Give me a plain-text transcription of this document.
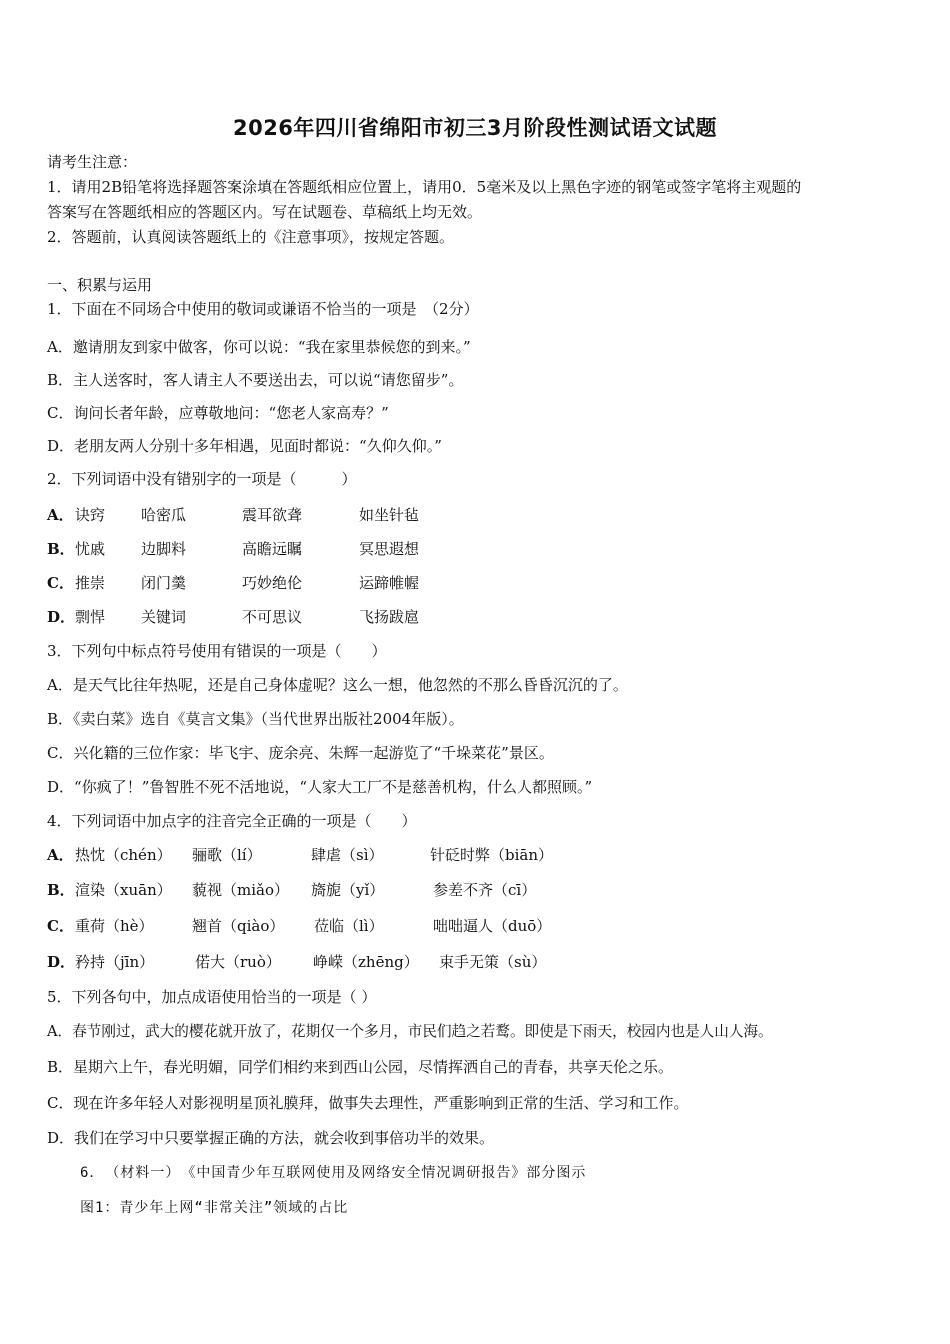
2026年四川省绵阳市初三3月阶段性测试语文试题
请考生注意：
1．请用2B铅笔将选择题答案涂填在答题纸相应位置上，请用0．5毫米及以上黑色字迹的钢笔或签字笔将主观题的
答案写在答题纸相应的答题区内。写在试题卷、草稿纸上均无效。
2．答题前，认真阅读答题纸上的《注意事项》，按规定答题。
一、积累与运用
1．下面在不同场合中使用的敬词或谦语不恰当的一项是　（2分）
A．邀请朋友到家中做客，你可以说：“我在家里恭候您的到来。”
B．主人送客时，客人请主人不要送出去，可以说“请您留步”。
C．询问长者年龄，应尊敬地问：“您老人家高寿？”
D．老朋友两人分别十多年相遇，见面时都说：“久仰久仰。”
2．下列词语中没有错别字的一项是（　　　）
A． 诀窍 哈密瓜	震耳欲聋	如坐针毡
B． 忧戚 边脚料	高瞻远瞩	冥思遐想
C． 推崇 闭门羹	巧妙绝伦	运蹄帷幄
D． 剽悍 关键词	不可思议	飞扬跋扈
3．下列句中标点符号使用有错误的一项是（　　）
A．是天气比往年热呢，还是自己身体虚呢？这么一想，他忽然的不那么昏昏沉沉的了。
B．《卖白菜》选自《莫言文集》（当代世界出版社2004年版）。
C．兴化籍的三位作家：毕飞宇、庞余亮、朱辉一起游览了“千垛菜花”景区。
D．“你疯了！”鲁智胜不死不活地说，“人家大工厂不是慈善机构，什么人都照顾。”
4．下列词语中加点字的注音完全正确的一项是（　　）
A． 热忱（chén） 骊歌（lí）	肆虐（sì）	针砭时弊（biān）
B． 渲染（xuān） 藐视（miǎo） 旖旎（yǐ）	参差不齐（cī）
C． 重荷（hè）	翘首（qiào） 莅临（lì）	咄咄逼人（duō）
D． 矜持（jīn）	偌大（ruò） 峥嵘（zhēng） 束手无策（sù）
5．下列各句中，加点成语使用恰当的一项是（ ）
A．春节刚过，武大的樱花就开放了，花期仅一个多月，市民们趋之若鹜。即使是下雨天，校园内也是人山人海。
B．星期六上午，春光明媚，同学们相约来到西山公园，尽情挥洒自己的青春，共享天伦之乐。
C．现在许多年轻人对影视明星顶礼膜拜，做事失去理性，严重影响到正常的生活、学习和工作。
D．我们在学习中只要掌握正确的方法，就会收到事倍功半的效果。
6．　（材料一）　《中国青少年互联网使用及网络安全情况调研报告》部分图示
图1：青少年上网“非常关注”领域的占比
